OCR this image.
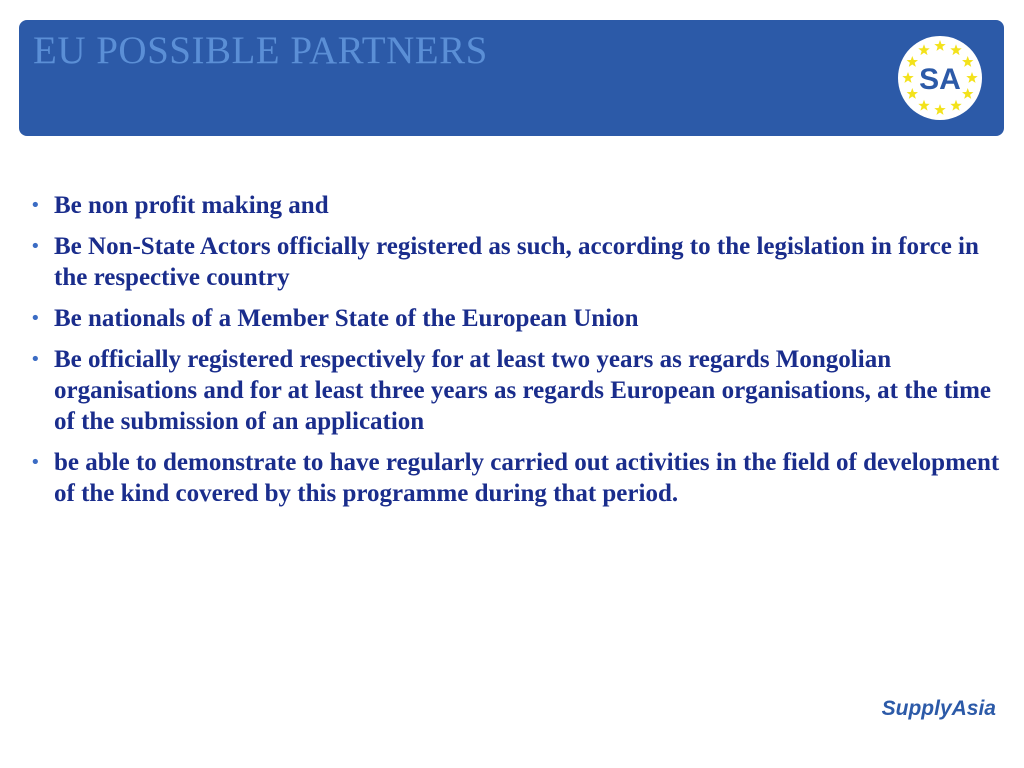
EU POSSIBLE PARTNERS
SA
• Be non profit making and
• Be Non-State Actors officially registered as such, according to the legislation in force in the respective country
• Be nationals of a Member State of the European Union
• Be officially registered respectively for at least two years as regards Mongolian organisations and for at least three years as regards European organisations, at the time of the submission of an application
• be able to demonstrate to have regularly carried out activities in the field of development of the kind covered by this programme during that period.

SupplyAsia
